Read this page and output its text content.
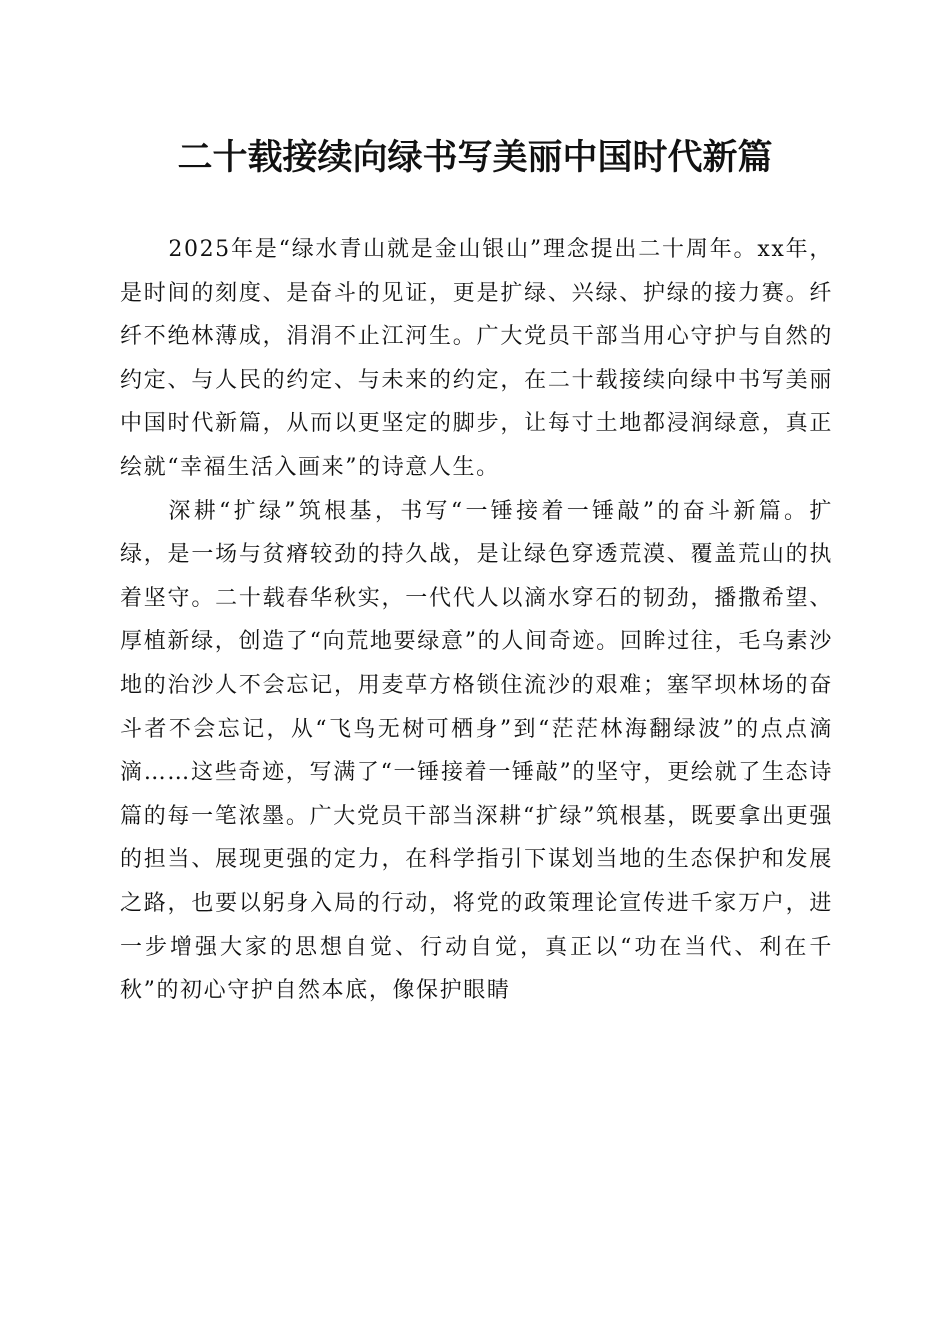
二十载接续向绿书写美丽中国时代新篇

2025年是“绿水青山就是金山银山”理念提出二十周年。xx年，是时间的刻度、是奋斗的见证，更是扩绿、兴绿、护绿的接力赛。纤纤不绝林薄成，涓涓不止江河生。广大党员干部当用心守护与自然的约定、与人民的约定、与未来的约定，在二十载接续向绿中书写美丽中国时代新篇，从而以更坚定的脚步，让每寸土地都浸润绿意，真正绘就“幸福生活入画来”的诗意人生。

深耕“扩绿”筑根基，书写“一锤接着一锤敲”的奋斗新篇。扩绿，是一场与贫瘠较劲的持久战，是让绿色穿透荒漠、覆盖荒山的执着坚守。二十载春华秋实，一代代人以滴水穿石的韧劲，播撒希望、厚植新绿，创造了“向荒地要绿意”的人间奇迹。回眸过往，毛乌素沙地的治沙人不会忘记，用麦草方格锁住流沙的艰难；塞罕坝林场的奋斗者不会忘记，从“飞鸟无树可栖身”到“茫茫林海翻绿波”的点点滴滴……这些奇迹，写满了“一锤接着一锤敲”的坚守，更绘就了生态诗篇的每一笔浓墨。广大党员干部当深耕“扩绿”筑根基，既要拿出更强的担当、展现更强的定力，在科学指引下谋划当地的生态保护和发展之路，也要以躬身入局的行动，将党的政策理论宣传进千家万户，进一步增强大家的思想自觉、行动自觉，真正以“功在当代、利在千秋”的初心守护自然本底，像保护眼睛
